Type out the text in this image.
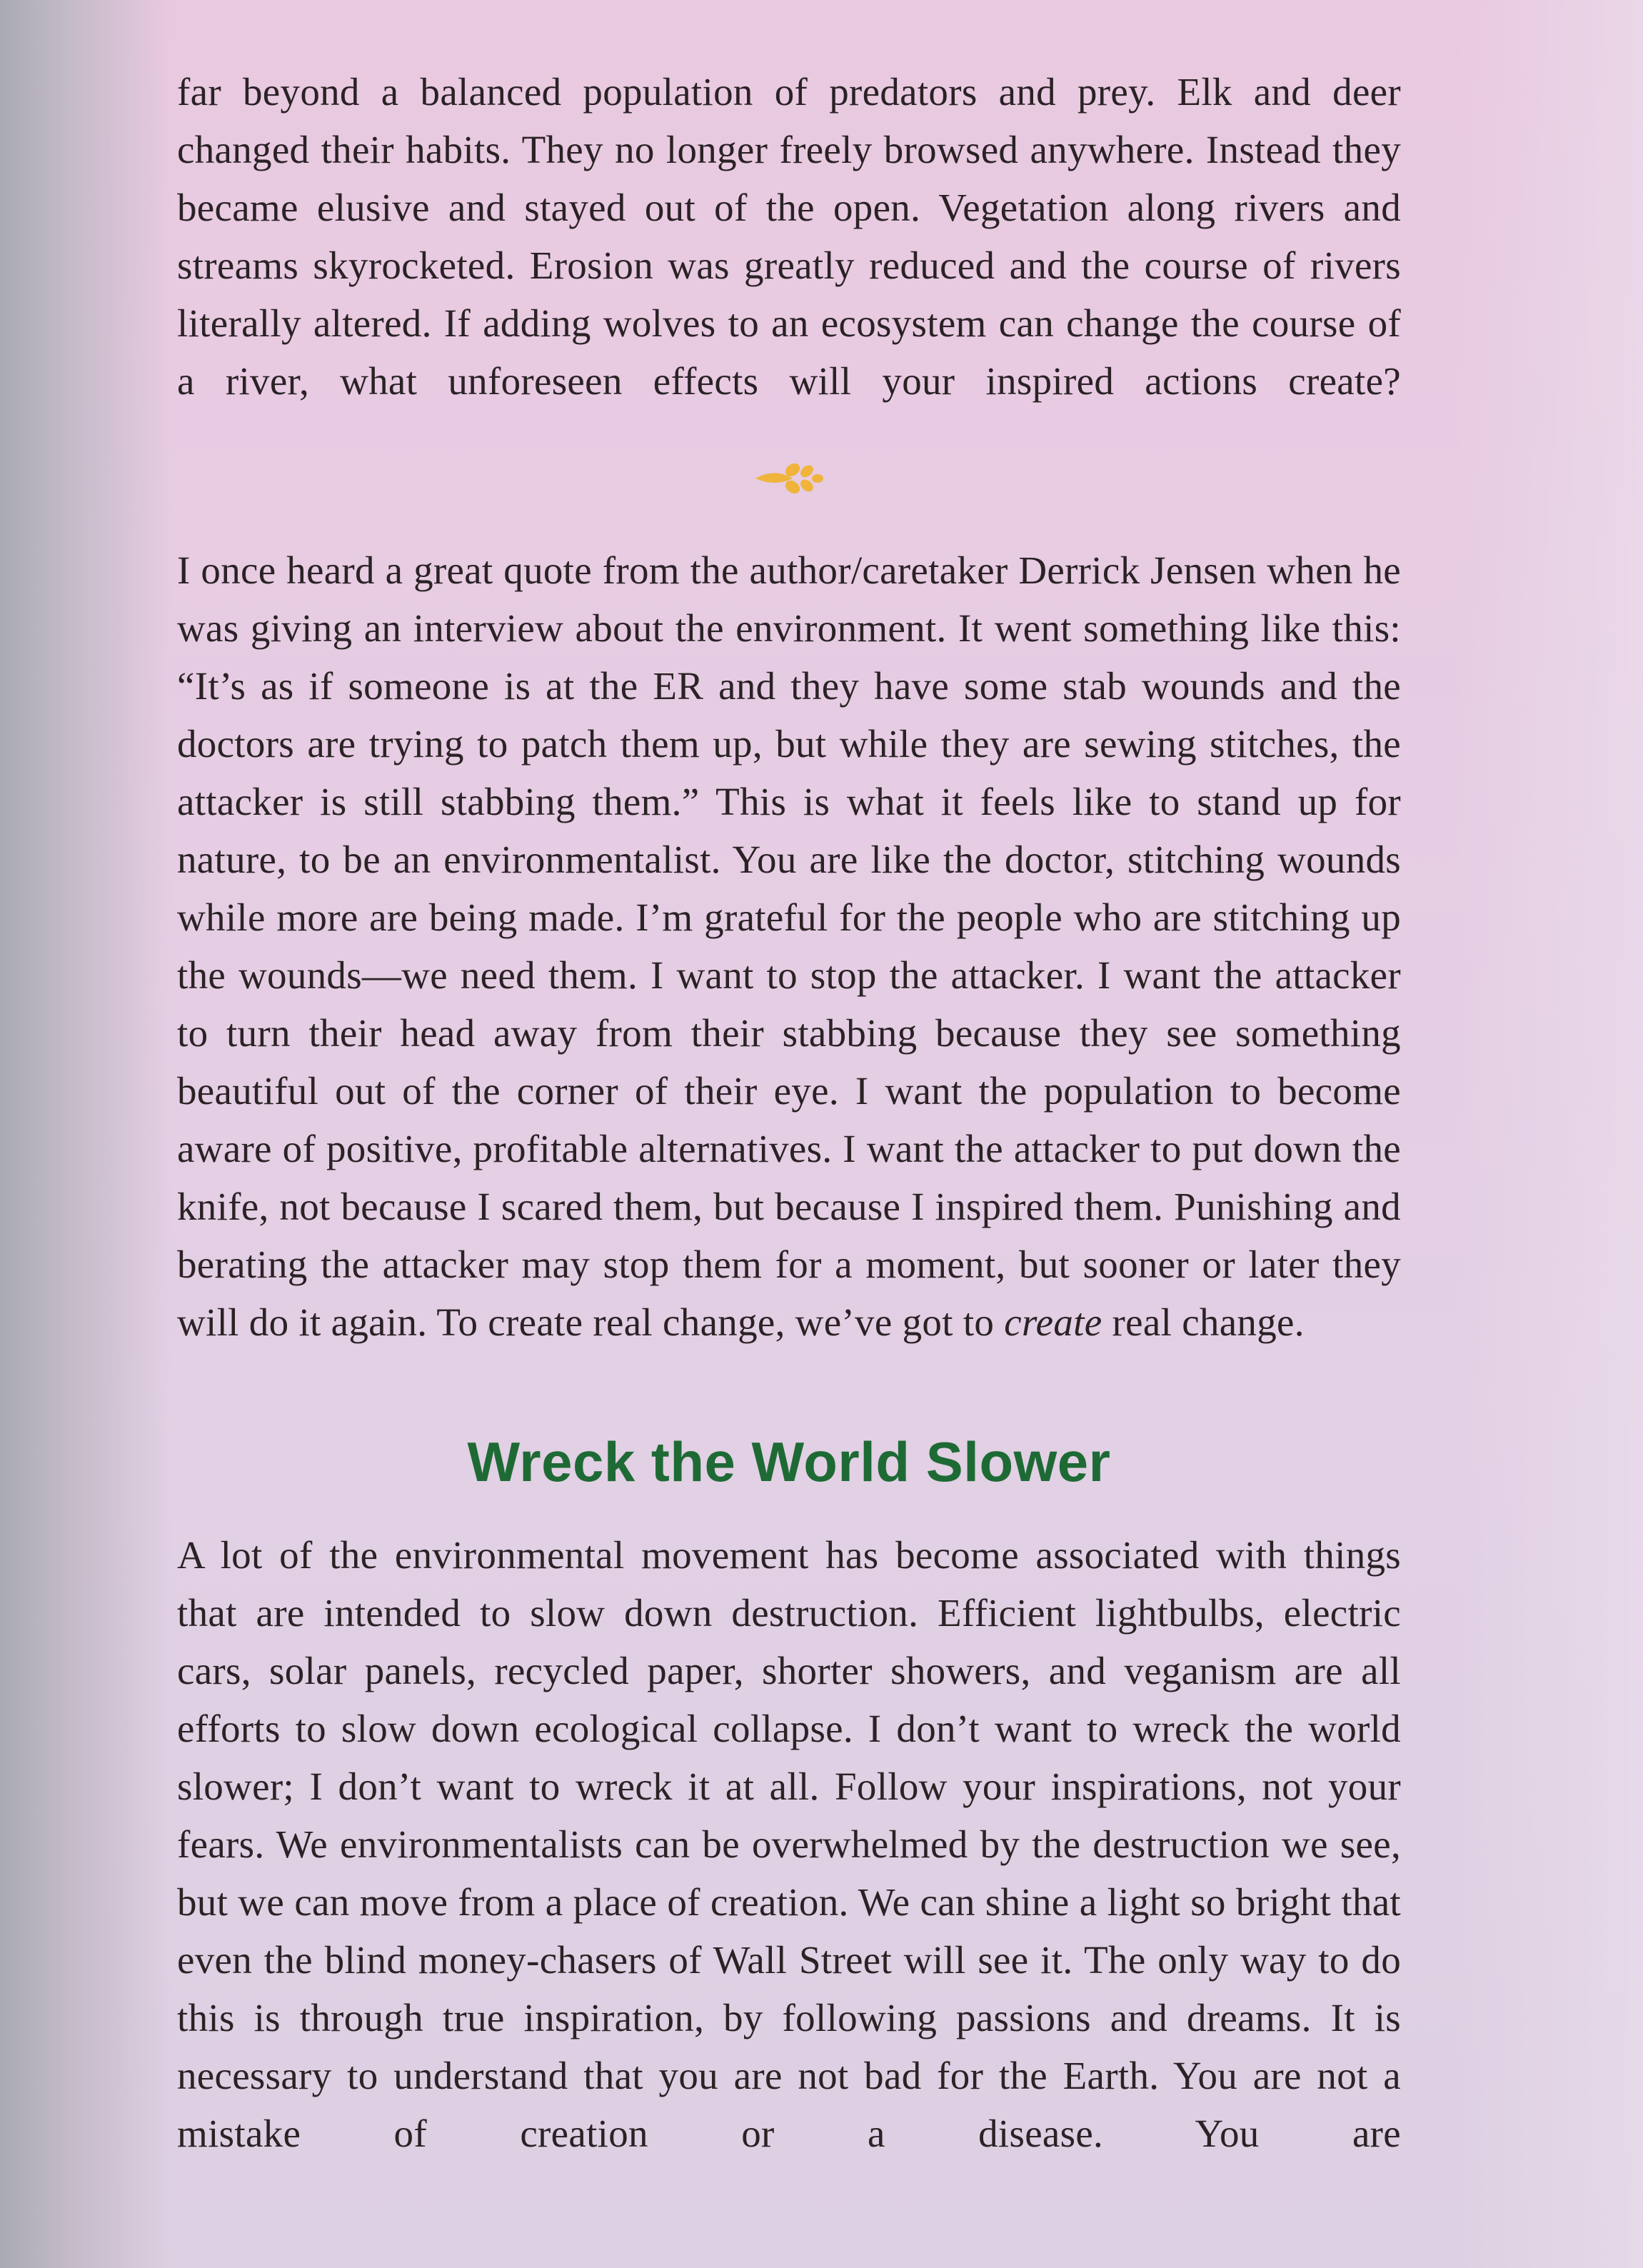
far beyond a balanced population of predators and prey. Elk and deer changed their habits. They no longer freely browsed anywhere. Instead they became elusive and stayed out of the open. Vegetation along rivers and streams skyrocketed. Erosion was greatly reduced and the course of rivers literally altered. If adding wolves to an ecosystem can change the course of a river, what unforeseen effects will your inspired actions create?

I once heard a great quote from the author/caretaker Derrick Jensen when he was giving an interview about the environment. It went something like this: “It’s as if someone is at the ER and they have some stab wounds and the doctors are trying to patch them up, but while they are sewing stitches, the attacker is still stabbing them.” This is what it feels like to stand up for nature, to be an environmentalist. You are like the doctor, stitching wounds while more are being made. I’m grateful for the people who are stitching up the wounds—we need them. I want to stop the attacker. I want the attacker to turn their head away from their stabbing because they see something beautiful out of the corner of their eye. I want the population to become aware of positive, profitable alternatives. I want the attacker to put down the knife, not because I scared them, but because I inspired them. Punishing and berating the attacker may stop them for a moment, but sooner or later they will do it again. To create real change, we’ve got to create real change.

Wreck the World Slower

A lot of the environmental movement has become associated with things that are intended to slow down destruction. Efficient lightbulbs, electric cars, solar panels, recycled paper, shorter showers, and veganism are all efforts to slow down ecological collapse. I don’t want to wreck the world slower; I don’t want to wreck it at all. Follow your inspirations, not your fears. We environmentalists can be overwhelmed by the destruction we see, but we can move from a place of creation. We can shine a light so bright that even the blind money-chasers of Wall Street will see it. The only way to do this is through true inspiration, by following passions and dreams. It is necessary to understand that you are not bad for the Earth. You are not a mistake of creation or a disease. You are
